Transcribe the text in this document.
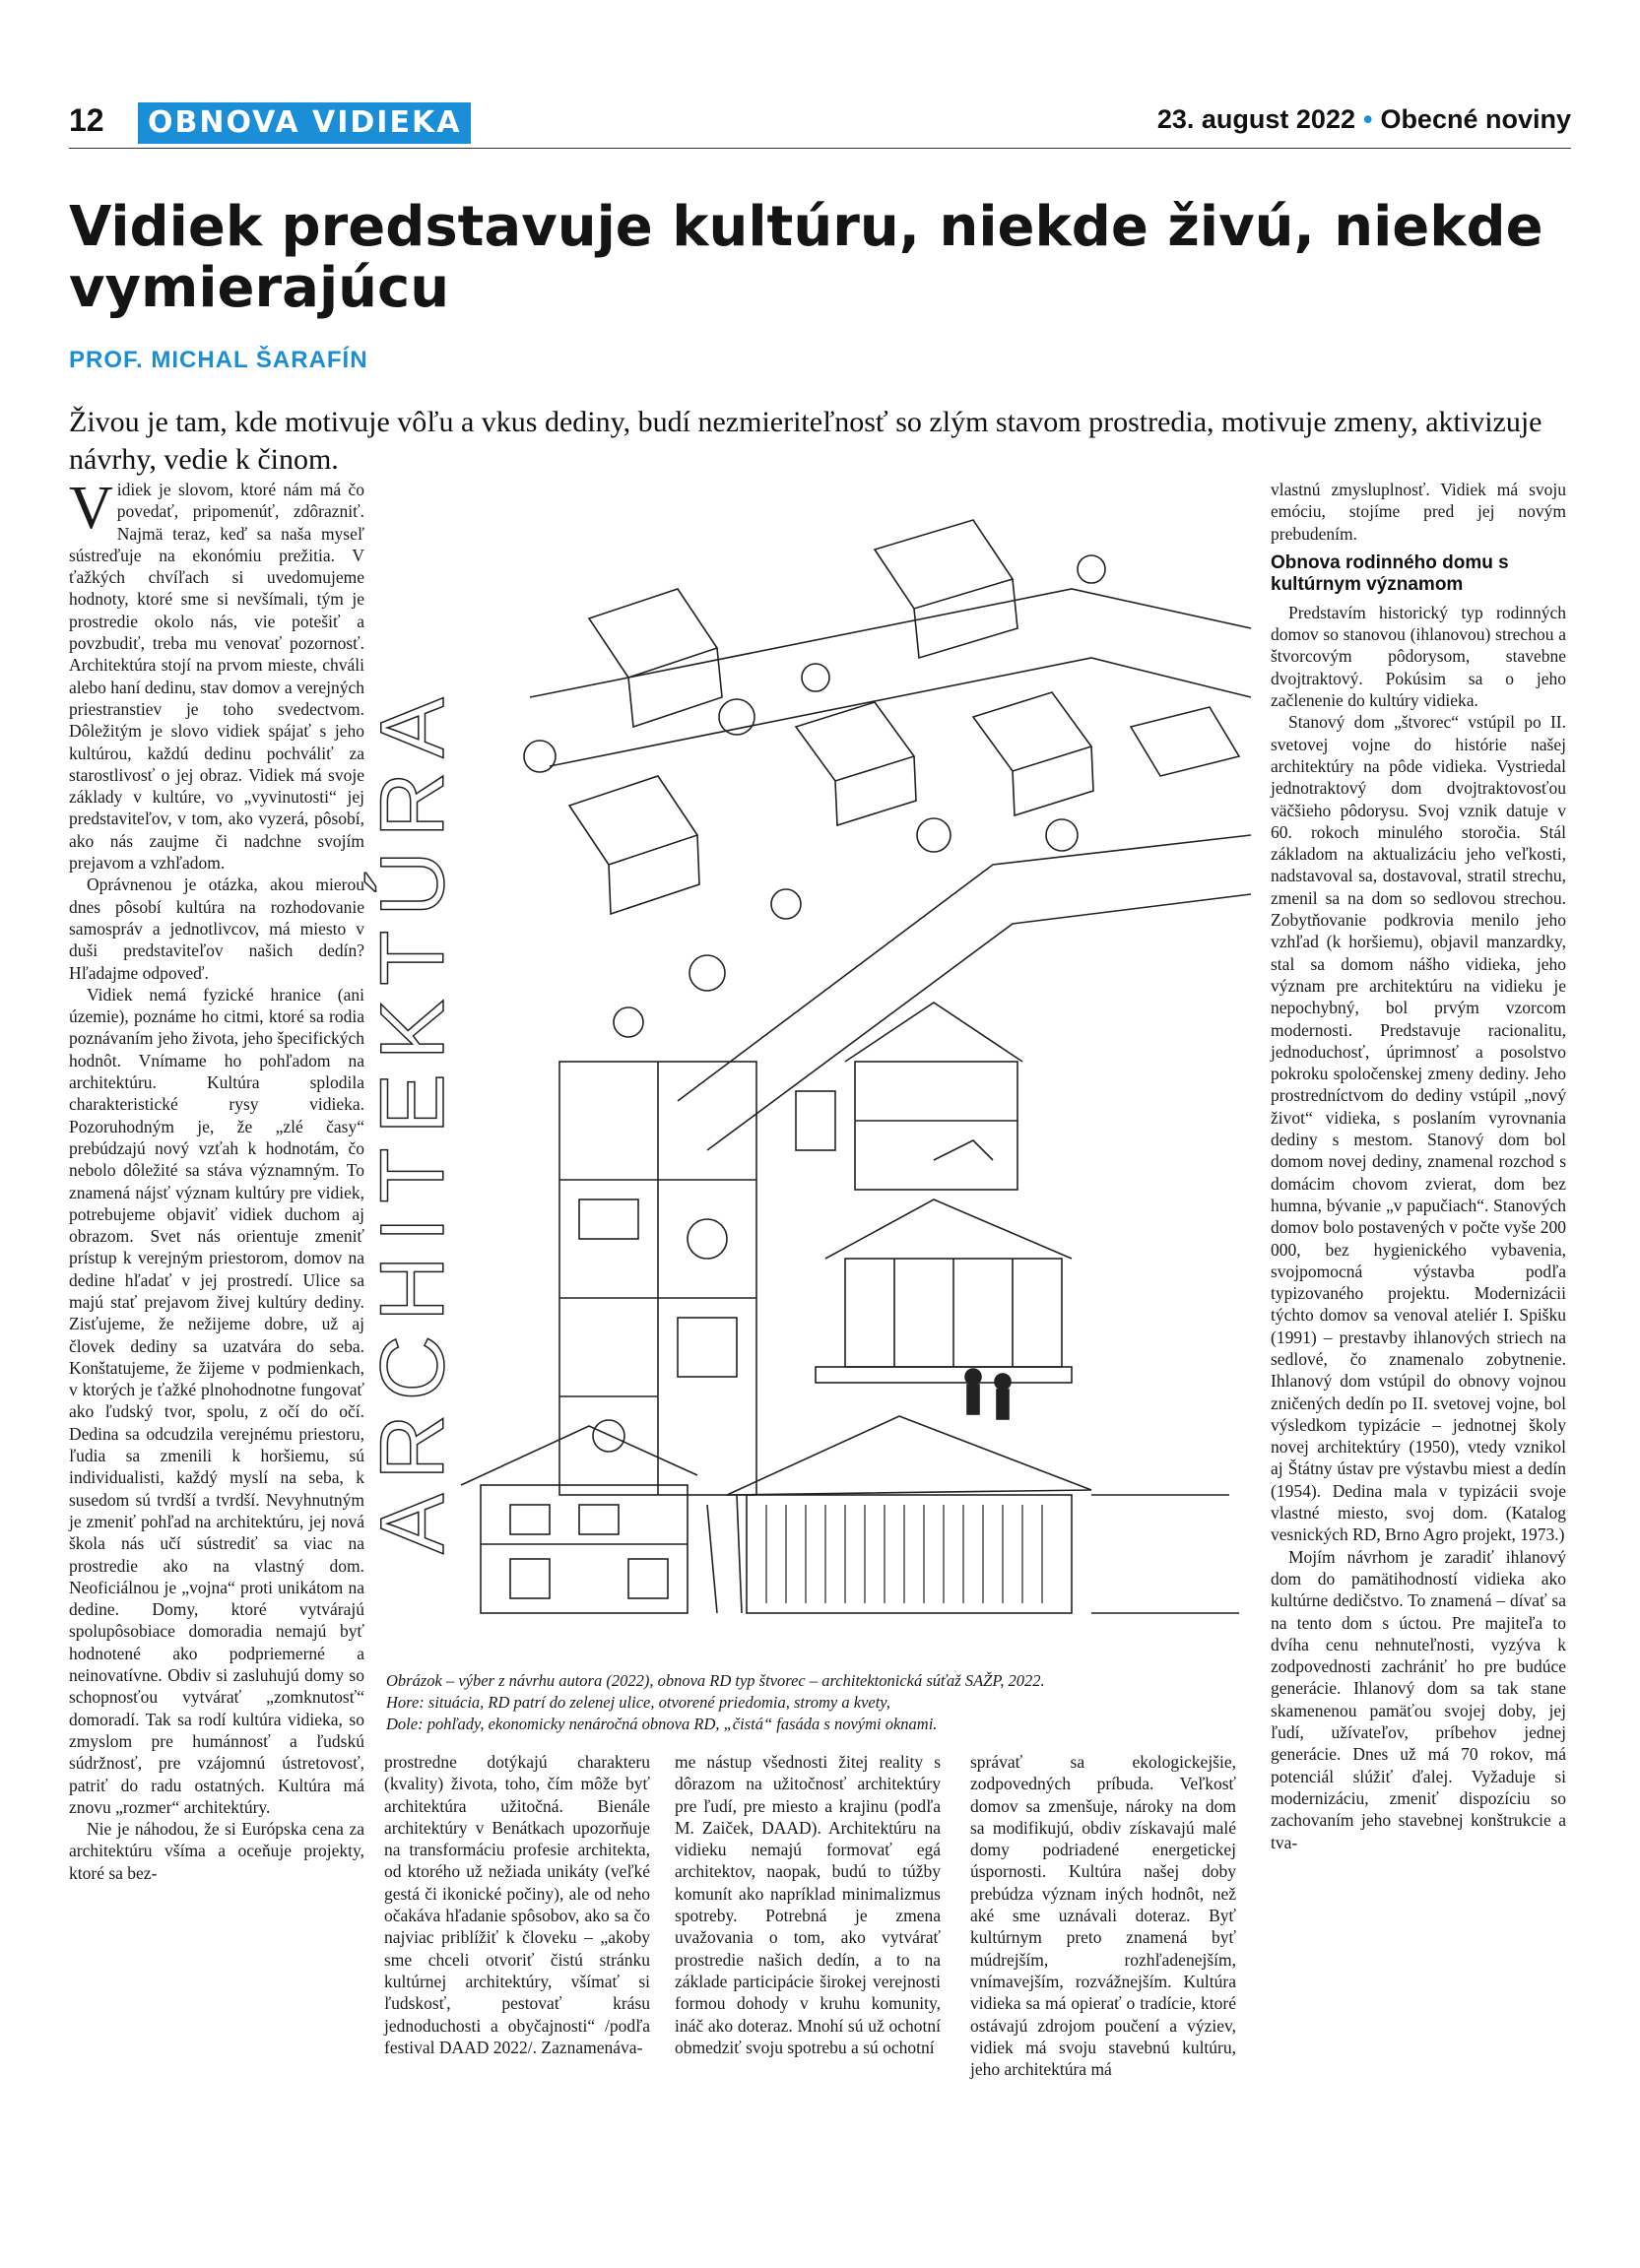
12	OBNOVA VIDIEKA	23. august 2022 • Obecné noviny
Vidiek predstavuje kultúru, niekde živú, niekde vymierajúcu
PROF. MICHAL ŠARAFÍN

Živou je tam, kde motivuje vôľu a vkus dediny, budí nezmieriteľnosť so zlým stavom prostredia, motivuje zmeny, aktivizuje návrhy, vedie k činom.

Vidiek je slovom, ktoré nám má čo povedať, pripomenúť, zdôrazniť. Najmä teraz, keď sa naša myseľ sústreďuje na ekonómiu prežitia. V ťažkých chvíľach si uvedomujeme hodnoty, ktoré sme si nevšímali, tým je prostredie okolo nás, vie potešiť a povzbudiť, treba mu venovať pozornosť. Architektúra stojí na prvom mieste, chváli alebo haní dedinu, stav domov a verejných priestranstiev je toho svedectvom. Dôležitým je slovo vidiek spájať s jeho kultúrou, každú dedinu pochváliť za starostlivosť o jej obraz. Vidiek má svoje základy v kultúre, vo „vyvinutosti“ jej predstaviteľov, v tom, ako vyzerá, pôsobí, ako nás zaujme či nadchne svojím prejavom a vzhľadom.

Oprávnenou je otázka, akou mierou dnes pôsobí kultúra na rozhodovanie samospráv a jednotlivcov, má miesto v duši predstaviteľov našich dedín? Hľadajme odpoveď.

Vidiek nemá fyzické hranice (ani územie), poznáme ho citmi, ktoré sa rodia poznávaním jeho života, jeho špecifických hodnôt. Vnímame ho pohľadom na architektúru. Kultúra splodila charakteristické rysy vidieka. Pozoruhodným je, že „zlé časy“ prebúdzajú nový vzťah k hodnotám, čo nebolo dôležité sa stáva významným. To znamená nájsť význam kultúry pre vidiek, potrebujeme objaviť vidiek duchom aj obrazom. Svet nás orientuje zmeniť prístup k verejným priestorom, domov na dedine hľadať v jej prostredí. Ulice sa majú stať prejavom živej kultúry dediny. Zisťujeme, že nežijeme dobre, už aj človek dediny sa uzatvára do seba. Konštatujeme, že žijeme v podmienkach, v ktorých je ťažké plnohodnotne fungovať ako ľudský tvor, spolu, z očí do očí. Dedina sa odcudzila verejnému priestoru, ľudia sa zmenili k horšiemu, sú individualisti, každý myslí na seba, k susedom sú tvrdší a tvrdší. Nevyhnutným je zmeniť pohľad na architektúru, jej nová škola nás učí sústrediť sa viac na prostredie ako na vlastný dom. Neoficiálnou je „vojna“ proti unikátom na dedine. Domy, ktoré vytvárajú spolupôsobiace domoradia nemajú byť hodnotené ako podpriemerné a neinovatívne. Obdiv si zasluhujú domy so schopnosťou vytvárať „zomknutosť“ domoradí. Tak sa rodí kultúra vidieka, so zmyslom pre humánnosť a ľudskú súdržnosť, pre vzájomnú ústretovosť, patriť do radu ostatných. Kultúra má znovu „rozmer“ architektúry.

Nie je náhodou, že si Európska cena za architektúru všíma a oceňuje projekty, ktoré sa bez-

ARCHITEKTÚRA
Obrázok – výber z návrhu autora (2022), obnova RD typ štvorec – architektonická súťaž SAŽP, 2022.
Hore: situácia, RD patrí do zelenej ulice, otvorené priedomia, stromy a kvety,
Dole: pohľady, ekonomicky nenáročná obnova RD, „čistá“ fasáda s novými oknami.

prostredne dotýkajú charakteru (kvality) života, toho, čím môže byť architektúra užitočná. Bienále architektúry v Benátkach upozorňuje na transformáciu profesie architekta, od ktorého už nežiada unikáty (veľké gestá či ikonické počiny), ale od neho očakáva hľadanie spôsobov, ako sa čo najviac priblížiť k človeku – „akoby sme chceli otvoriť čistú stránku kultúrnej architektúry, všímať si ľudskosť, pestovať krásu jednoduchosti a obyčajnosti“ /podľa festival DAAD 2022/. Zaznamenáva-

me nástup všednosti žitej reality s dôrazom na užitočnosť architektúry pre ľudí, pre miesto a krajinu (podľa M. Zaiček, DAAD). Architektúru na vidieku nemajú formovať egá architektov, naopak, budú to túžby komunít ako napríklad minimalizmus spotreby. Potrebná je zmena uvažovania o tom, ako vytvárať prostredie našich dedín, a to na základe participácie širokej verejnosti formou dohody v kruhu komunity, ináč ako doteraz. Mnohí sú už ochotní obmedziť svoju spotrebu a sú ochotní

správať sa ekologickejšie, zodpovedných príbuda. Veľkosť domov sa zmenšuje, nároky na dom sa modifikujú, obdiv získavajú malé domy podriadené energetickej úspornosti. Kultúra našej doby prebúdza význam iných hodnôt, než aké sme uznávali doteraz. Byť kultúrnym preto znamená byť múdrejším, rozhľadenejším, vnímavejším, rozvážnejším. Kultúra vidieka sa má opierať o tradície, ktoré ostávajú zdrojom poučení a výziev, vidiek má svoju stavebnú kultúru, jeho architektúra má

vlastnú zmysluplnosť. Vidiek má svoju emóciu, stojíme pred jej novým prebudením.

Obnova rodinného domu s kultúrnym významom

Predstavím historický typ rodinných domov so stanovou (ihlanovou) strechou a štvorcovým pôdorysom, stavebne dvojtraktový. Pokúsim sa o jeho začlenenie do kultúry vidieka.

Stanový dom „štvorec“ vstúpil po II. svetovej vojne do histórie našej architektúry na pôde vidieka. Vystriedal jednotraktový dom dvojtraktovosťou väčšieho pôdorysu. Svoj vznik datuje v 60. rokoch minulého storočia. Stál základom na aktualizáciu jeho veľkosti, nadstavoval sa, dostavoval, stratil strechu, zmenil sa na dom so sedlovou strechou. Zobytňovanie podkrovia menilo jeho vzhľad (k horšiemu), objavil manzardky, stal sa domom nášho vidieka, jeho význam pre architektúru na vidieku je nepochybný, bol prvým vzorcom modernosti. Predstavuje racionalitu, jednoduchosť, úprimnosť a posolstvo pokroku spoločenskej zmeny dediny. Jeho prostredníctvom do dediny vstúpil „nový život“ vidieka, s poslaním vyrovnania dediny s mestom. Stanový dom bol domom novej dediny, znamenal rozchod s domácim chovom zvierat, dom bez humna, bývanie „v papučiach“. Stanových domov bolo postavených v počte vyše 200 000, bez hygienického vybavenia, svojpomocná výstavba podľa typizovaného projektu. Modernizácii týchto domov sa venoval ateliér I. Spišku (1991) – prestavby ihlanových striech na sedlové, čo znamenalo zobytnenie. Ihlanový dom vstúpil do obnovy vojnou zničených dedín po II. svetovej vojne, bol výsledkom typizácie – jednotnej školy novej architektúry (1950), vtedy vznikol aj Štátny ústav pre výstavbu miest a dedín (1954). Dedina mala v typizácii svoje vlastné miesto, svoj dom. (Katalog vesnických RD, Brno Agro projekt, 1973.)

Mojím návrhom je zaradiť ihlanový dom do pamätihodností vidieka ako kultúrne dedičstvo. To znamená – dívať sa na tento dom s úctou. Pre majiteľa to dvíha cenu nehnuteľnosti, vyzýva k zodpovednosti zachrániť ho pre budúce generácie. Ihlanový dom sa tak stane skamenenou pamäťou svojej doby, jej ľudí, užívateľov, príbehov jednej generácie. Dnes už má 70 rokov, má potenciál slúžiť ďalej. Vyžaduje si modernizáciu, zmeniť dispozíciu so zachovaním jeho stavebnej konštrukcie a tva-
